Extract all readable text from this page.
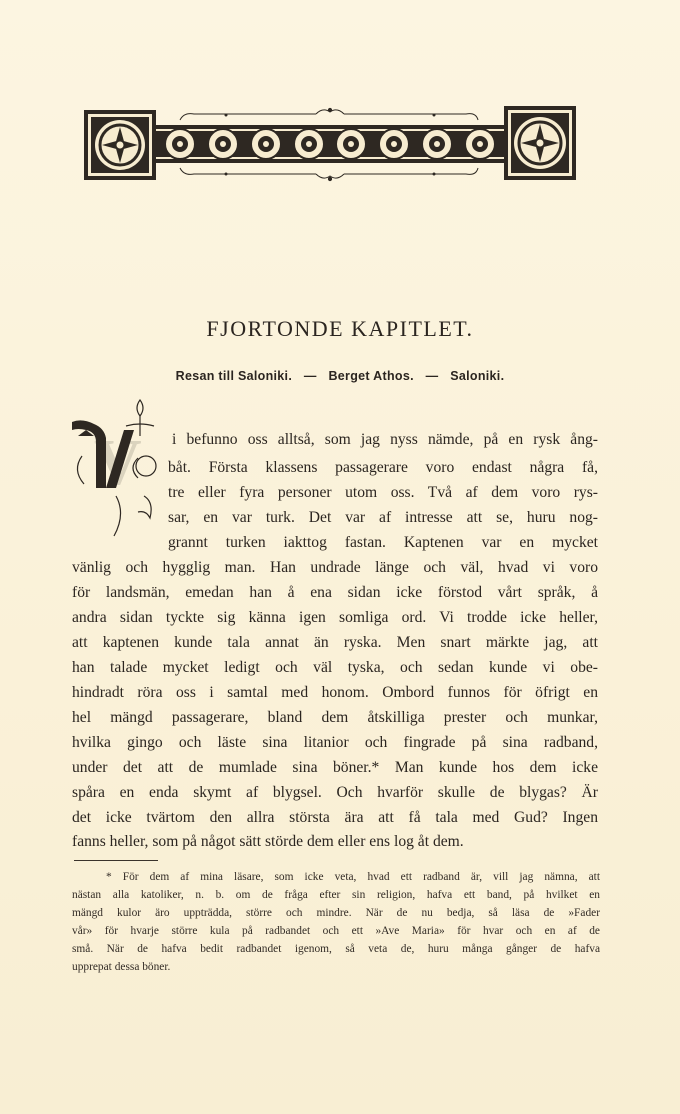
FJORTONDE KAPITLET.
Resan till Saloniki. — Berget Athos. — Saloniki.
V i befunno oss alltså, som jag nyss nämde, på en rysk ång-
båt. Första klassens passagerare voro endast några få,
tre eller fyra personer utom oss. Två af dem voro rys-
sar, en var turk. Det var af intresse att se, huru nog-
grannt turken iakttog fastan. Kaptenen var en mycket
vänlig och hygglig man. Han undrade länge och väl, hvad vi voro
för landsmän, emedan han å ena sidan icke förstod vårt språk, å
andra sidan tyckte sig känna igen somliga ord. Vi trodde icke heller,
att kaptenen kunde tala annat än ryska. Men snart märkte jag, att
han talade mycket ledigt och väl tyska, och sedan kunde vi obe-
hindradt röra oss i samtal med honom. Ombord funnos för öfrigt en
hel mängd passagerare, bland dem åtskilliga prester och munkar,
hvilka gingo och läste sina litanior och fingrade på sina radband,
under det att de mumlade sina böner.* Man kunde hos dem icke
spåra en enda skymt af blygsel. Och hvarför skulle de blygas? Är
det icke tvärtom den allra största ära att få tala med Gud? Ingen
fanns heller, som på något sätt störde dem eller ens log åt dem.
* För dem af mina läsare, som icke veta, hvad ett radband är, vill jag nämna, att
nästan alla katoliker, n. b. om de fråga efter sin religion, hafva ett band, på hvilket en
mängd kulor äro uppträdda, större och mindre. När de nu bedja, så läsa de »Fader
vår» för hvarje större kula på radbandet och ett »Ave Maria» för hvar och en af de
små. När de hafva bedit radbandet igenom, så veta de, huru många gånger de hafva
upprepat dessa böner.
